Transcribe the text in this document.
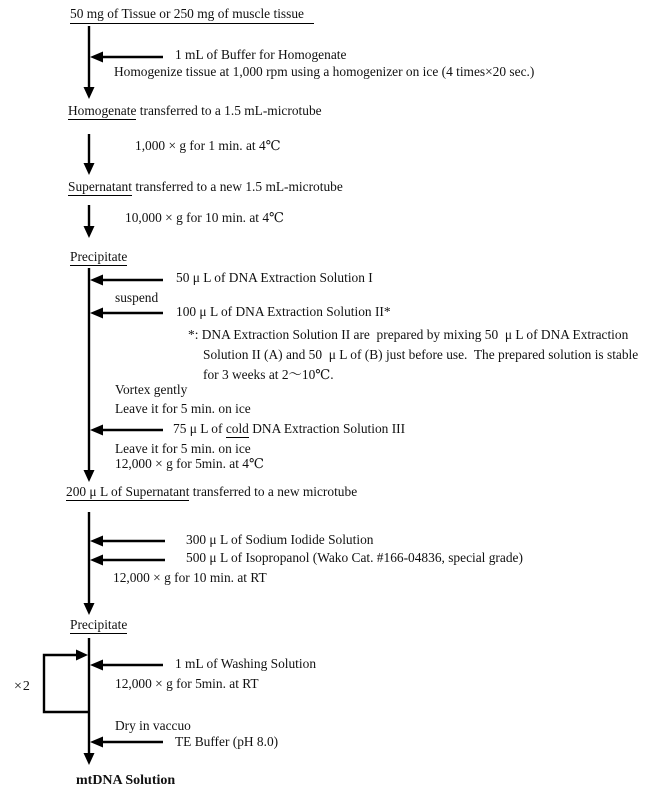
50 mg of Tissue or 250 mg of muscle tissue
1 mL of Buffer for Homogenate
Homogenize tissue at 1,000 rpm using a homogenizer on ice (4 times×20 sec.)
Homogenate transferred to a 1.5 mL-microtube
1,000 × g for 1 min. at 4℃
Supernatant transferred to a new 1.5 mL-microtube
10,000 × g for 10 min. at 4℃
Precipitate
50 μ L of DNA Extraction Solution I
suspend
100 μ L of DNA Extraction Solution II*
*: DNA Extraction Solution II are  prepared by mixing 50  μ L of DNA Extraction
Solution II (A) and 50  μ L of (B) just before use.  The prepared solution is stable
for 3 weeks at 2～10℃.
Vortex gently
Leave it for 5 min. on ice
75 μ L of cold DNA Extraction Solution III
Leave it for 5 min. on ice
12,000 × g for 5min. at 4℃
200 μ L of Supernatant transferred to a new microtube
300 μ L of Sodium Iodide Solution
500 μ L of Isopropanol (Wako Cat. #166-04836, special grade)
12,000 × g for 10 min. at RT
Precipitate
1 mL of Washing Solution
12,000 × g for 5min. at RT
×2
Dry in vaccuo
TE Buffer (pH 8.0)
mtDNA Solution
